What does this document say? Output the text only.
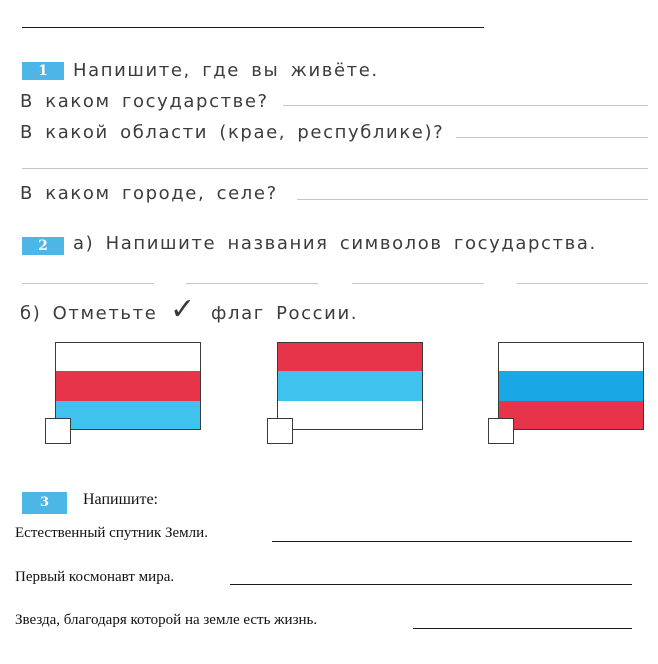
1	Напишите, где вы живёте.
В каком государстве?
В какой области (крае, республике)?
В каком городе, селе?
2	а) Напишите названия символов государства.
б) Отметьте ✓ флаг России.
3	Напишите:
Естественный спутник Земли.
Первый космонавт мира.
Звезда, благодаря которой на земле есть жизнь.
